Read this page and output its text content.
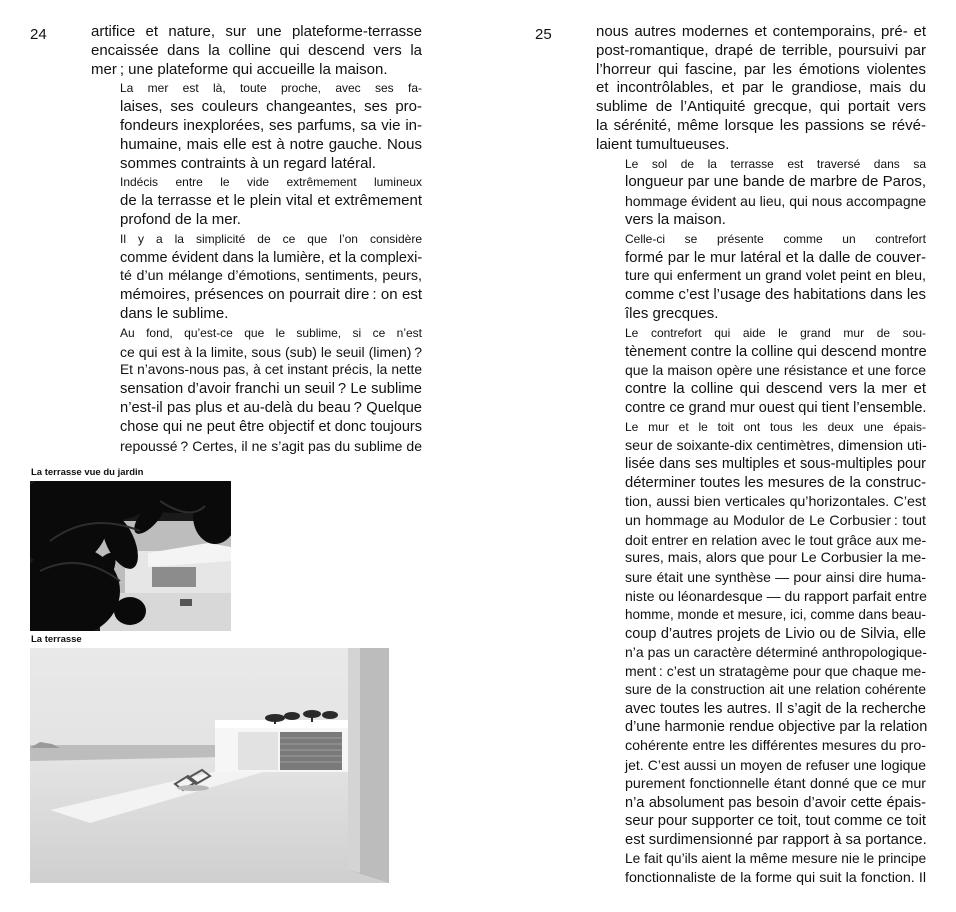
24	artifice et nature, sur une plateforme-terrasse
encaissée dans la colline qui descend vers la
mer ; une plateforme qui accueille la maison.

La mer est là, toute proche, avec ses fa-
laises, ses couleurs changeantes, ses pro-
fondeurs inexplorées, ses parfums, sa vie in-
humaine, mais elle est à notre gauche. Nous
sommes contraints à un regard latéral.

Indécis entre le vide extrêmement lumineux
de la terrasse et le plein vital et extrêmement
profond de la mer.

Il y a la simplicité de ce que l’on considère
comme évident dans la lumière, et la complexi-
té d’un mélange d’émotions, sentiments, peurs,
mémoires, présences on pourrait dire : on est
dans le sublime.

Au fond, qu’est-ce que le sublime, si ce n’est
ce qui est à la limite, sous (sub) le seuil (limen) ?
Et n’avons-nous pas, à cet instant précis, la nette
sensation d’avoir franchi un seuil ? Le sublime
n’est-il pas plus et au-delà du beau ? Quelque
chose qui ne peut être objectif et donc toujours
repoussé ? Certes, il ne s’agit pas du sublime de

La terrasse vue du jardin
La terrasse
25	nous autres modernes et contemporains, pré- et
post-romantique, drapé de terrible, poursuivi par
l’horreur qui fascine, par les émotions violentes
et incontrôlables, et par le grandiose, mais du
sublime de l’Antiquité grecque, qui portait vers
la sérénité, même lorsque les passions se révé-
laient tumultueuses.

Le sol de la terrasse est traversé dans sa
longueur par une bande de marbre de Paros,
hommage évident au lieu, qui nous accompagne
vers la maison.

Celle-ci se présente comme un contrefort
formé par le mur latéral et la dalle de couver-
ture qui enferment un grand volet peint en bleu,
comme c’est l’usage des habitations dans les
îles grecques.

Le contrefort qui aide le grand mur de sou-
tènement contre la colline qui descend montre
que la maison opère une résistance et une force
contre la colline qui descend vers la mer et
contre ce grand mur ouest qui tient l’ensemble.

Le mur et le toit ont tous les deux une épais-
seur de soixante-dix centimètres, dimension uti-
lisée dans ses multiples et sous-multiples pour
déterminer toutes les mesures de la construc-
tion, aussi bien verticales qu’horizontales. C’est
un hommage au Modulor de Le Corbusier : tout
doit entrer en relation avec le tout grâce aux me-
sures, mais, alors que pour Le Corbusier la me-
sure était une synthèse — pour ainsi dire huma-
niste ou léonardesque — du rapport parfait entre
homme, monde et mesure, ici, comme dans beau-
coup d’autres projets de Livio ou de Silvia, elle
n’a pas un caractère déterminé anthropologique-
ment : c’est un stratagème pour que chaque me-
sure de la construction ait une relation cohérente
avec toutes les autres. Il s’agit de la recherche
d’une harmonie rendue objective par la relation
cohérente entre les différentes mesures du pro-
jet. C’est aussi un moyen de refuser une logique
purement fonctionnelle étant donné que ce mur
n’a absolument pas besoin d’avoir cette épais-
seur pour supporter ce toit, tout comme ce toit
est surdimensionné par rapport à sa portance.
Le fait qu’ils aient la même mesure nie le principe
fonctionnaliste de la forme qui suit la fonction. Il
